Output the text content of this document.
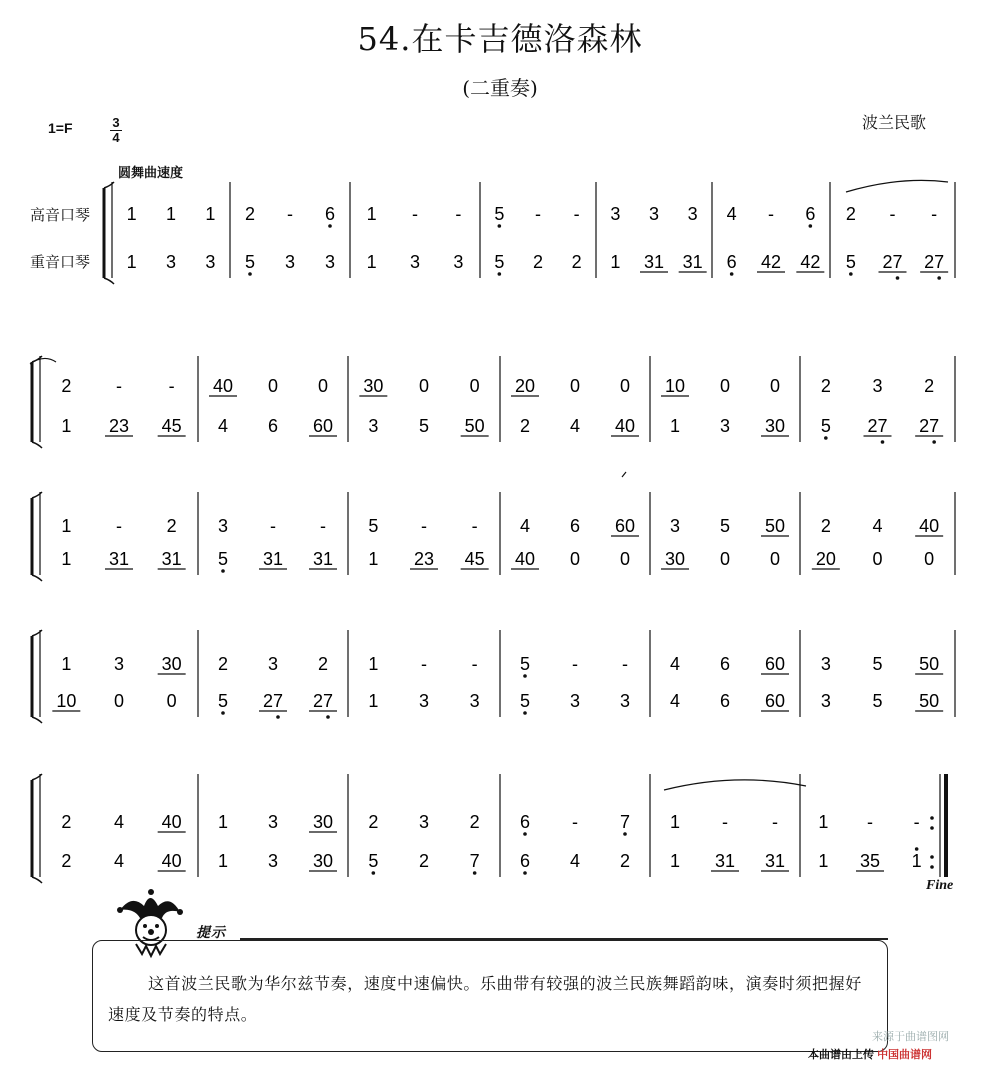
54.在卡吉德洛森林
(二重奏)
1=F	3
4
波兰民歌
圆舞曲速度
高音口琴
重音口琴
1 1 1 2 - 6 1 - - 5 - - 3 3 3 4 - 6 2 - -
1 3 3 5 3 3 1 3 3 5 2 2 1 31 31 6 42 42 5 27 27
2 -	- 40 0 0 30 0 0 20 0 0 10 0 0 2 3 2
1 23 45 4 6 60 3 5 50 2 4 40 1 3 30 5 27 27
1 - 2 3 - - 5 - - 4 6 60 3 5 50 2 4 40
1 31 31 5 31 31 1 23 45 40 0 0 30 0 0 20 0 0
1 3 30 2 3 2 1 - - 5 - - 4 6 60 3 5 50
10 0 0 5 27 27 1 3 3 5 3 3 4 6 60 3 5 50
2 4 40 1 3 30 2 3 2 6 - 7 1 - - 1 - -
2 4 40 1 3 30 5 2 7 6 4 2 1 31 31 1 35 1
Fine
提示
这首波兰民歌为华尔兹节奏，速度中速偏快。乐曲带有较强的波兰民族舞蹈韵味，演奏时须把握好速度及节奏的特点。
来源于曲谱图网
本曲谱由上传 中国曲谱网
